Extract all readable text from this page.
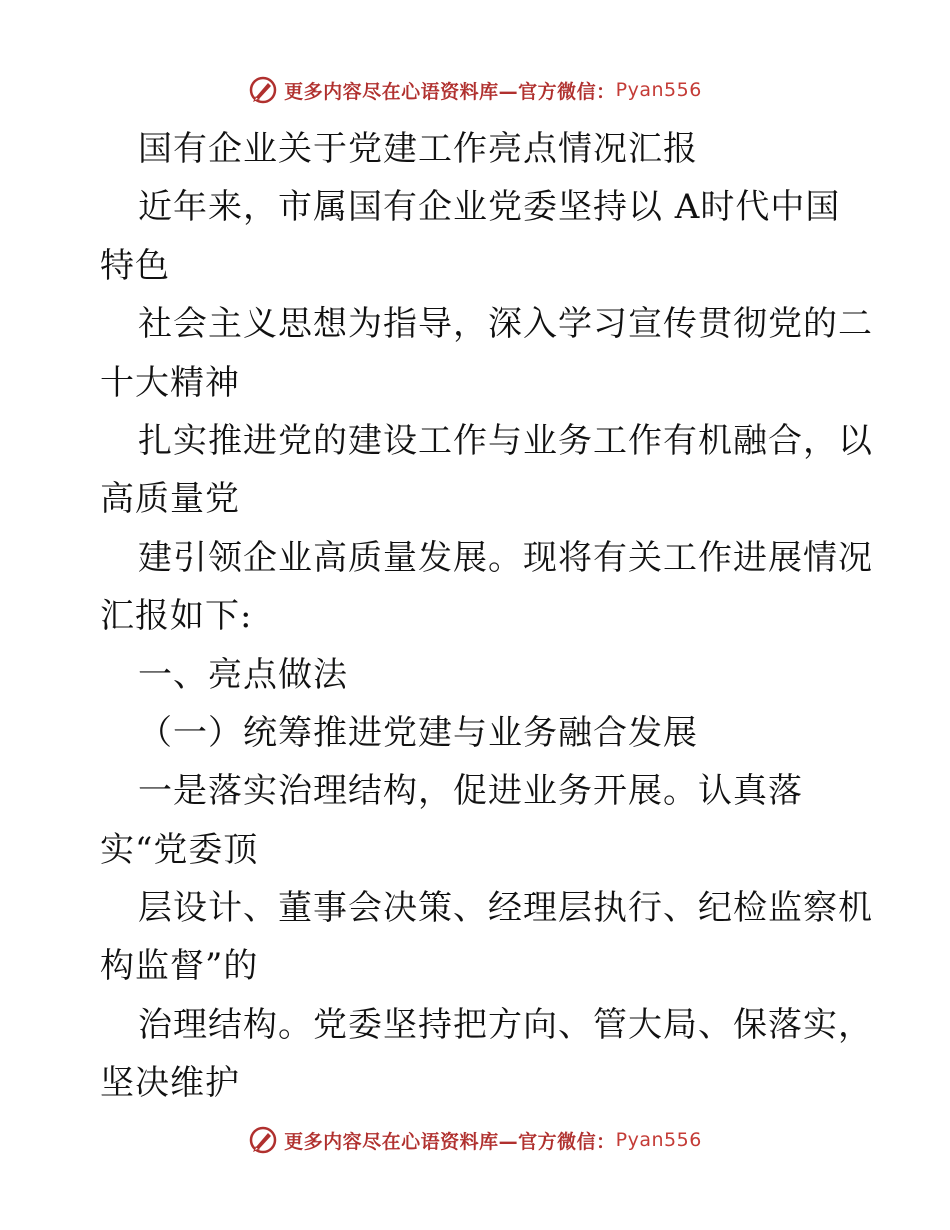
更多内容尽在心语资料库—官方微信： Pyan556
国有企业关于党建工作亮点情况汇报
近年来，市属国有企业党委坚持以 A时代中国
特色
社会主义思想为指导，深入学习宣传贯彻党的二
十大精神
扎实推进党的建设工作与业务工作有机融合，以
高质量党
建引领企业高质量发展。现将有关工作进展情况
汇报如下:
一、亮点做法
（一）统筹推进党建与业务融合发展
一是落实治理结构，促进业务开展。认真落
实“党委顶
层设计、董事会决策、经理层执行、纪检监察机
构监督”的
治理结构。党委坚持把方向、管大局、保落实，
坚决维护
更多内容尽在心语资料库—官方微信： Pyan556
